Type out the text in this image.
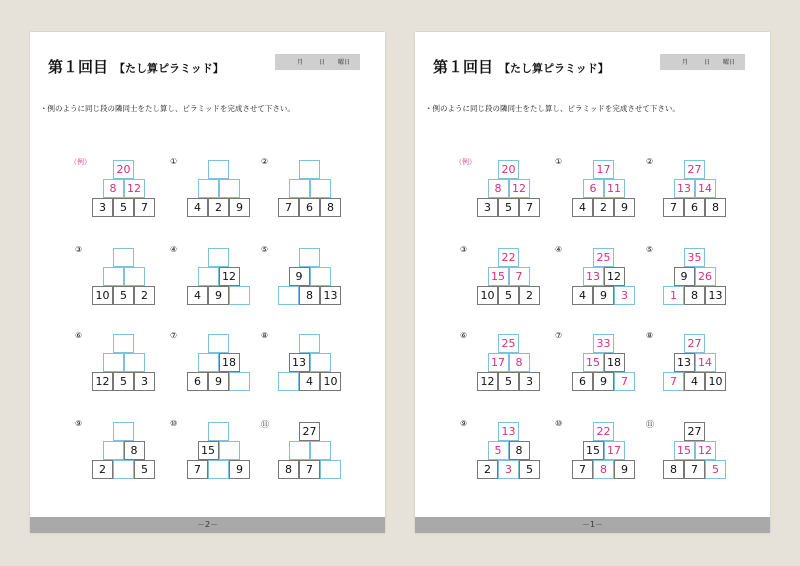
第１回目 【たし算ピラミッド】	月	日 曜日
・例のように同じ段の隣同士をたし算し、ピラミッドを完成させて下さい。
（例）
20
8 12
3	5	7
①
4	2	9
②
7	6	8
③
10 5	2
④
12
4	9
⑤
9
8 13
⑥
12 5	3
⑦
18
6	9
⑧
13
4 10
⑨
8
2	5
⑩
15
7	9
⑪
27
8	7
－2－
第１回目 【たし算ピラミッド】	月	日 曜日
・例のように同じ段の隣同士をたし算し、ピラミッドを完成させて下さい。
（例）
20
8 12
3	5	7
①
17
6 11
4	2	9
②
27
13 14
7	6	8
③
22
15 7
10 5	2
④
25
13 12
4	9	3
⑤
35
9 26
1	8 13
⑥
25
17 8
12 5	3
⑦
33
15 18
6	9	7
⑧
27
13 14
7	4 10
⑨
13
5	8
2	3	5
⑩
22
15 17
7	8	9
⑪
27
15 12
8	7	5
－1－
